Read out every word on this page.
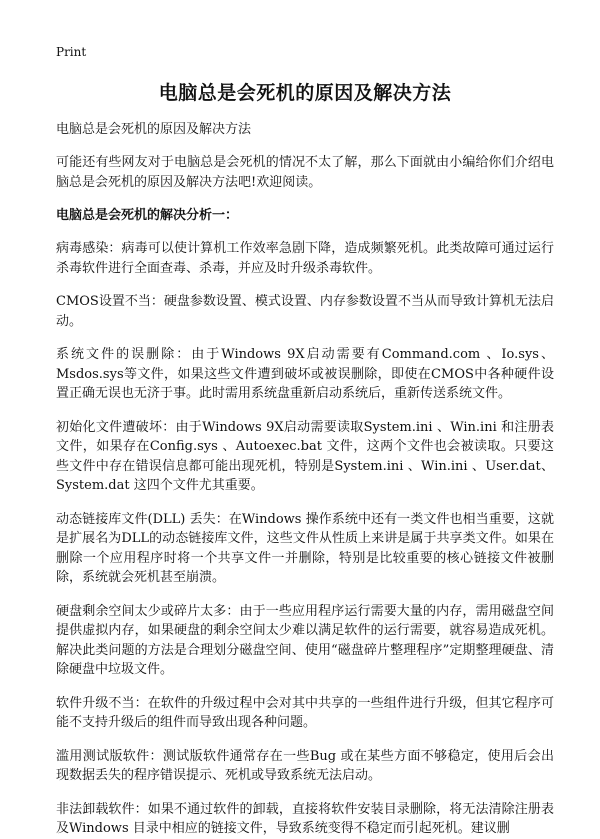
Print
电脑总是会死机的原因及解决方法
电脑总是会死机的原因及解决方法

可能还有些网友对于电脑总是会死机的情况不太了解，那么下面就由小编给你们介绍电脑总是会死机的原因及解决方法吧!欢迎阅读。

电脑总是会死机的解决分析一：

病毒感染：病毒可以使计算机工作效率急剧下降，造成频繁死机。此类故障可通过运行杀毒软件进行全面查毒、杀毒，并应及时升级杀毒软件。

CMOS设置不当：硬盘参数设置、模式设置、内存参数设置不当从而导致计算机无法启动。

系统文件的误删除：由于Windows 9X启动需要有Command.com 、Io.sys、Msdos.sys等文件，如果这些文件遭到破坏或被误删除，即使在CMOS中各种硬件设置正确无误也无济于事。此时需用系统盘重新启动系统后，重新传送系统文件。

初始化文件遭破坏：由于Windows 9X启动需要读取System.ini 、Win.ini 和注册表文件，如果存在Config.sys 、Autoexec.bat 文件，这两个文件也会被读取。只要这些文件中存在错误信息都可能出现死机，特别是System.ini 、Win.ini 、User.dat、System.dat 这四个文件尤其重要。

动态链接库文件(DLL) 丢失：在Windows 操作系统中还有一类文件也相当重要，这就是扩展名为DLL的动态链接库文件，这些文件从性质上来讲是属于共享类文件。如果在删除一个应用程序时将一个共享文件一并删除，特别是比较重要的核心链接文件被删除，系统就会死机甚至崩溃。

硬盘剩余空间太少或碎片太多：由于一些应用程序运行需要大量的内存，需用磁盘空间提供虚拟内存，如果硬盘的剩余空间太少难以满足软件的运行需要，就容易造成死机。解决此类问题的方法是合理划分磁盘空间、使用“磁盘碎片整理程序”定期整理硬盘、清除硬盘中垃圾文件。

软件升级不当：在软件的升级过程中会对其中共享的一些组件进行升级，但其它程序可能不支持升级后的组件而导致出现各种问题。

滥用测试版软件：测试版软件通常存在一些Bug 或在某些方面不够稳定，使用后会出现数据丢失的程序错误提示、死机或导致系统无法启动。

非法卸载软件：如果不通过软件的卸载，直接将软件安装目录删除，将无法清除注册表及Windows 目录中相应的链接文件，导致系统变得不稳定而引起死机。建议删
